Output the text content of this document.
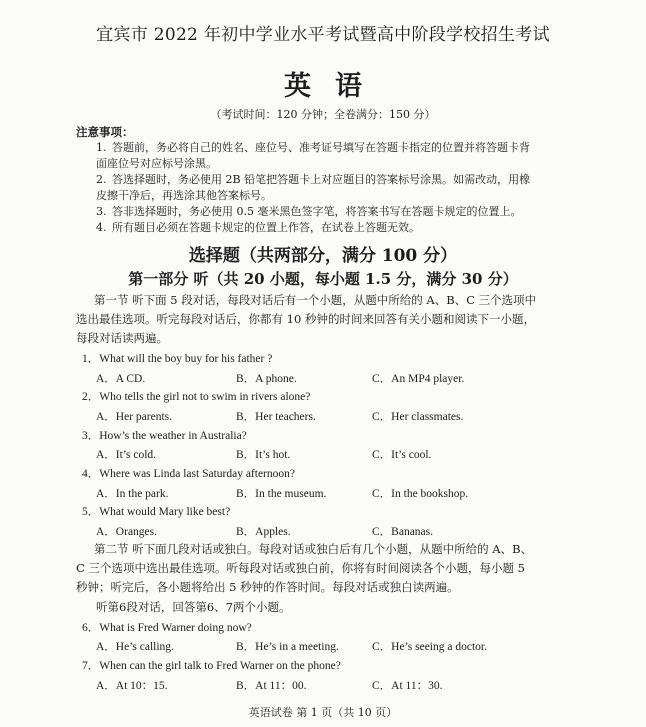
宜宾市 2022 年初中学业水平考试暨高中阶段学校招生考试
英语
（考试时间：120 分钟；全卷满分：150 分）
注意事项：
1. 答题前，务必将自己的姓名、座位号、准考证号填写在答题卡指定的位置并将答题卡背面座位号对应标号涂黑。
2. 答选择题时，务必使用 2B 铅笔把答题卡上对应题目的答案标号涂黑。如需改动，用橡皮擦干净后，再选涂其他答案标号。
3. 答非选择题时，务必使用 0.5 毫米黑色签字笔，将答案书写在答题卡规定的位置上。
4. 所有题目必须在答题卡规定的位置上作答，在试卷上答题无效。
选择题（共两部分，满分 100 分）
第一部分 听（共 20 小题，每小题 1.5 分，满分 30 分）
第一节 听下面 5 段对话，每段对话后有一个小题，从题中所给的 A、B、C 三个选项中选出最佳选项。听完每段对话后，你都有 10 秒钟的时间来回答有关小题和阅读下一小题，每段对话读两遍。
1．What will the boy buy for his father ?
A．A CD.	B．A phone.	C．An MP4 player.
2．Who tells the girl not to swim in rivers alone?
A．Her parents.	B．Her teachers.	C．Her classmates.
3．How’s the weather in Australia?
A．It’s cold.	B．It’s hot.	C．It’s cool.
4．Where was Linda last Saturday afternoon?
A．In the park.	B．In the museum.	C．In the bookshop.
5．What would Mary like best?
A．Oranges.	B．Apples.	C．Bananas.
第二节 听下面几段对话或独白。每段对话或独白后有几个小题，从题中所给的 A、B、C 三个选项中选出最佳选项。听每段对话或独白前，你将有时间阅读各个小题，每小题 5 秒钟；听完后，各小题将给出 5 秒钟的作答时间。每段对话或独白读两遍。
听第6段对话，回答第6、7两个小题。
6．What is Fred Warner doing now?
A．He’s calling.	B．He’s in a meeting.	C．He’s seeing a doctor.
7．When can the girl talk to Fred Warner on the phone?
A．At 10：15.	B．At 11：00.	C．At 11：30.
英语试卷 第 1 页（共 10 页）
